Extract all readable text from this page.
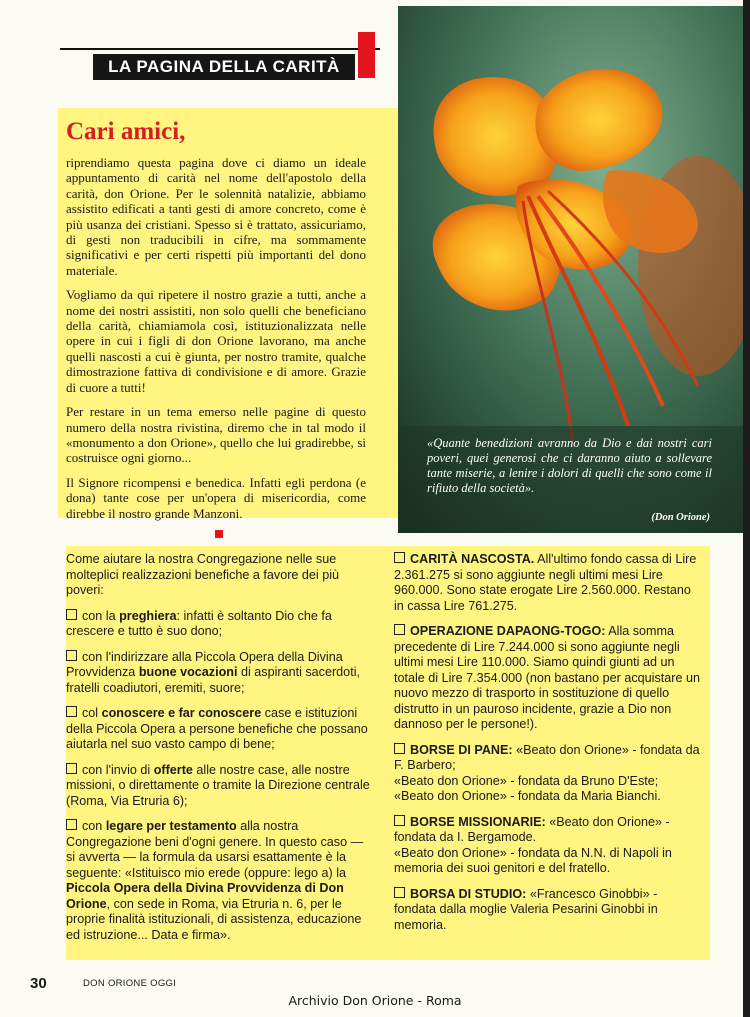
LA PAGINA DELLA CARITÀ
Cari amici,

riprendiamo questa pagina dove ci diamo un ideale appuntamento di carità nel nome dell'apostolo della carità, don Orione. Per le solennità natalizie, abbiamo assistito edificati a tanti gesti di amore concreto, come è più usanza dei cristiani. Spesso si è trattato, assicuriamo, di gesti non traducibili in cifre, ma sommamente significativi e per certi rispetti più importanti del dono materiale.

Vogliamo da qui ripetere il nostro grazie a tutti, anche a nome dei nostri assistiti, non solo quelli che beneficiano della carità, chiamiamola così, istituzionalizzata nelle opere in cui i figli di don Orione lavorano, ma anche quelli nascosti a cui è giunta, per nostro tramite, qualche dimostrazione fattiva di condivisione e di amore. Grazie di cuore a tutti!

Per restare in un tema emerso nelle pagine di questo numero della nostra rivistina, diremo che in tal modo il «monumento a don Orione», quello che lui gradirebbe, si costruisce ogni giorno...

Il Signore ricompensi e benedica. Infatti egli perdona (e dona) tante cose per un'opera di misericordia, come direbbe il nostro grande Manzoni.

«Quante benedizioni avranno da Dio e dai nostri cari poveri, quei generosi che ci daranno aiuto a sollevare tante miserie, a lenire i dolori di quelli che sono come il rifiuto della società».
(Don Orione)

Come aiutare la nostra Congregazione nelle sue molteplici realizzazioni benefiche a favore dei più poveri:

con la preghiera: infatti è soltanto Dio che fa crescere e tutto è suo dono;

con l'indirizzare alla Piccola Opera della Divina Provvidenza buone vocazioni di aspiranti sacerdoti, fratelli coadiutori, eremiti, suore;

col conoscere e far conoscere case e istituzioni della Piccola Opera a persone benefiche che possano aiutarla nel suo vasto campo di bene;

con l'invio di offerte alle nostre case, alle nostre missioni, o direttamente o tramite la Direzione centrale (Roma, Via Etruria 6);

con legare per testamento alla nostra Congregazione beni d'ogni genere. In questo caso — si avverta — la formula da usarsi esattamente è la seguente: «Istituisco mio erede (oppure: lego a) la Piccola Opera della Divina Provvidenza di Don Orione, con sede in Roma, via Etruria n. 6, per le proprie finalità istituzionali, di assistenza, educazione ed istruzione... Data e firma».

CARITÀ NASCOSTA. All'ultimo fondo cassa di Lire 2.361.275 si sono aggiunte negli ultimi mesi Lire 960.000. Sono state erogate Lire 2.560.000. Restano in cassa Lire 761.275.
OPERAZIONE DAPAONG-TOGO: Alla somma precedente di Lire 7.244.000 si sono aggiunte negli ultimi mesi Lire 110.000. Siamo quindi giunti ad un totale di Lire 7.354.000 (non bastano per acquistare un nuovo mezzo di trasporto in sostituzione di quello distrutto in un pauroso incidente, grazie a Dio non dannoso per le persone!).
BORSE DI PANE: «Beato don Orione» - fondata da F. Barbero;
«Beato don Orione» - fondata da Bruno D'Este;
«Beato don Orione» - fondata da Maria Bianchi.
BORSE MISSIONARIE: «Beato don Orione» - fondata da I. Bergamode.
«Beato don Orione» - fondata da N.N. di Napoli in memoria dei suoi genitori e del fratello.
BORSA DI STUDIO: «Francesco Ginobbi» - fondata dalla moglie Valeria Pesarini Ginobbi in memoria.
30	DON ORIONE OGGI
Archivio Don Orione - Roma
